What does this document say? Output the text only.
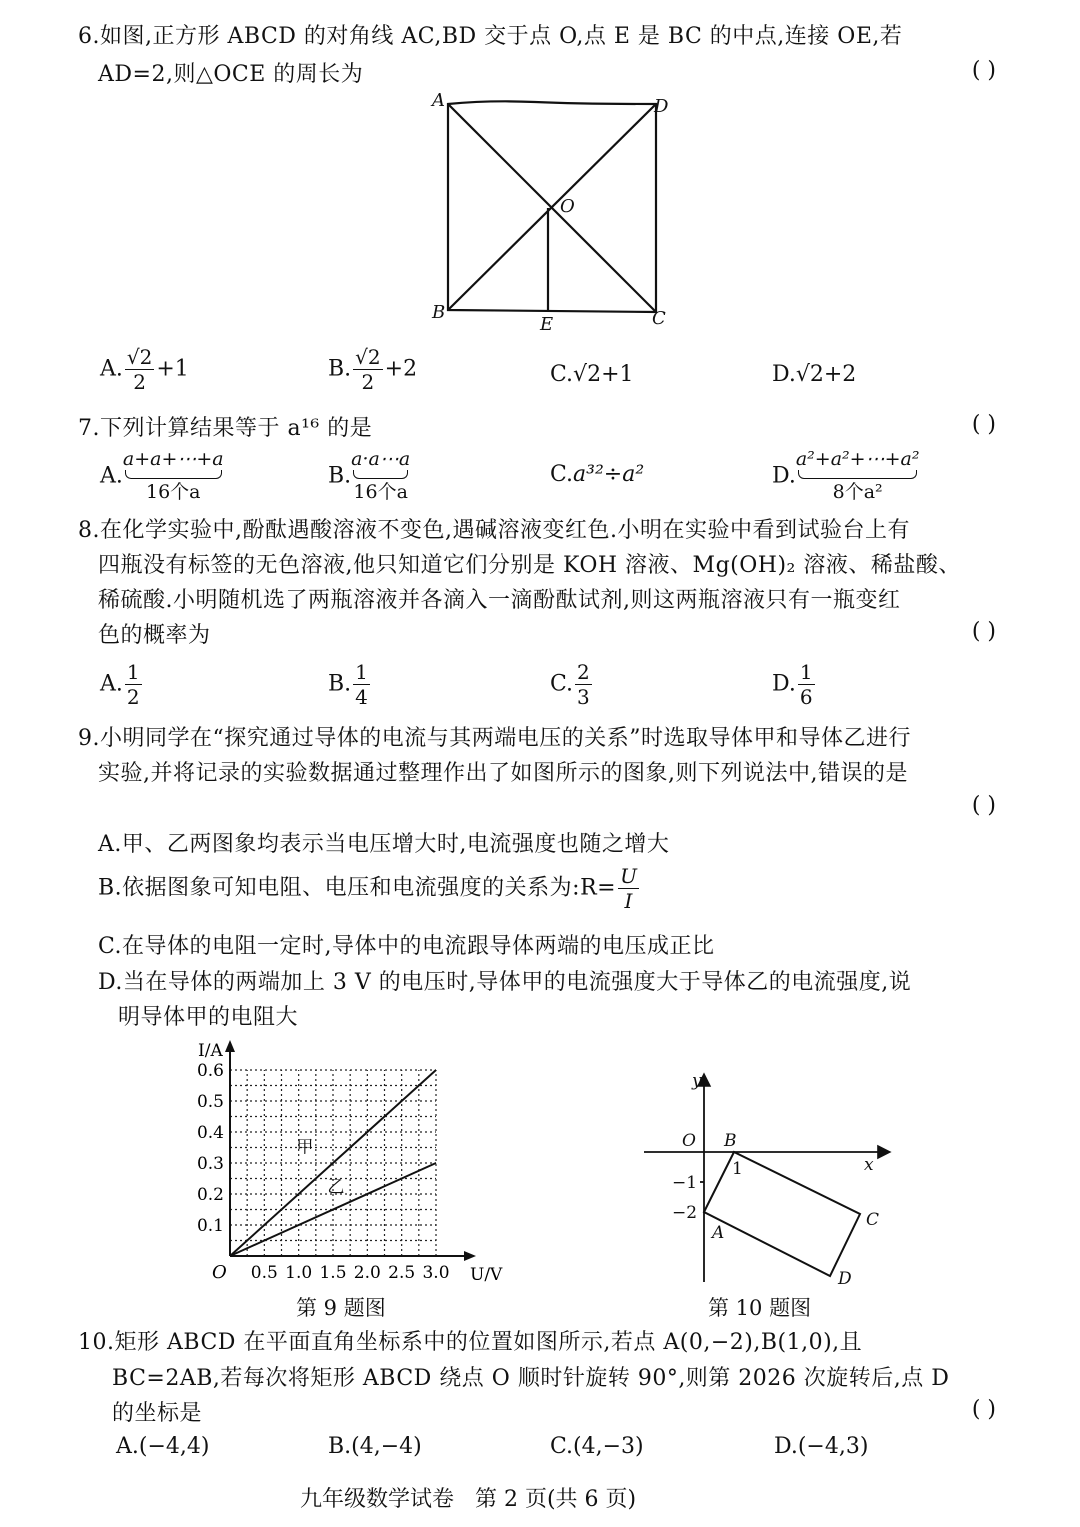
6.如图,正方形 ABCD 的对角线 AC,BD 交于点 O,点 E 是 BC 的中点,连接 OE,若
AD=2,则△OCE 的周长为	( )
A	D
B	C
O
E
A. $\frac{√2}{2} +1$	B. $\frac{√2}{2} +2$	C.√2+1	D.√2+2
7.下列计算结果等于 a¹⁶ 的是	( )
A.
a+a+⋯+a
16个a
B.
a·a⋯a
16个a
C.a³²÷a²	D.
a²+a²+⋯+a²
8个a²
8.在化学实验中,酚酞遇酸溶液不变色,遇碱溶液变红色.小明在实验中看到试验台上有
四瓶没有标签的无色溶液,他只知道它们分别是 KOH 溶液、Mg(OH)₂ 溶液、稀盐酸、
稀硫酸.小明随机选了两瓶溶液并各滴入一滴酚酞试剂,则这两瓶溶液只有一瓶变红
色的概率为	( )
A. $\frac{1}{2}$	B. $\frac{1}{4}$	C. $\frac{2}{3}$	D. $\frac{1}{6}$
9.小明同学在“探究通过导体的电流与其两端电压的关系”时选取导体甲和导体乙进行
实验,并将记录的实验数据通过整理作出了如图所示的图象,则下列说法中,错误的是
( )
A.甲、乙两图象均表示当电压增大时,电流强度也随之增大
B.依据图象可知电阻、电压和电流强度的关系为:R= $\frac{U}{I}$
C.在导体的电阻一定时,导体中的电流跟导体两端的电压成正比
D.当在导体的两端加上 3 V 的电压时,导体甲的电流强度大于导体乙的电流强度,说
明导体甲的电阻大
甲
乙
0.5 1.0 1.5 2.0 2.5 3.0
0.1
0.2
0.3
0.4
0.5
0.6
O	U/V
I/A
第 9 题图
y
x
O B
1
−1
−2
A
C
D
第 10 题图
10.矩形 ABCD 在平面直角坐标系中的位置如图所示,若点 A(0,−2),B(1,0),且
BC=2AB,若每次将矩形 ABCD 绕点 O 顺时针旋转 90°,则第 2026 次旋转后,点 D
的坐标是	( )
A.(−4,4)	B.(4,−4)	C.(4,−3)	D.(−4,3)
九年级数学试卷   第 2 页(共 6 页)
